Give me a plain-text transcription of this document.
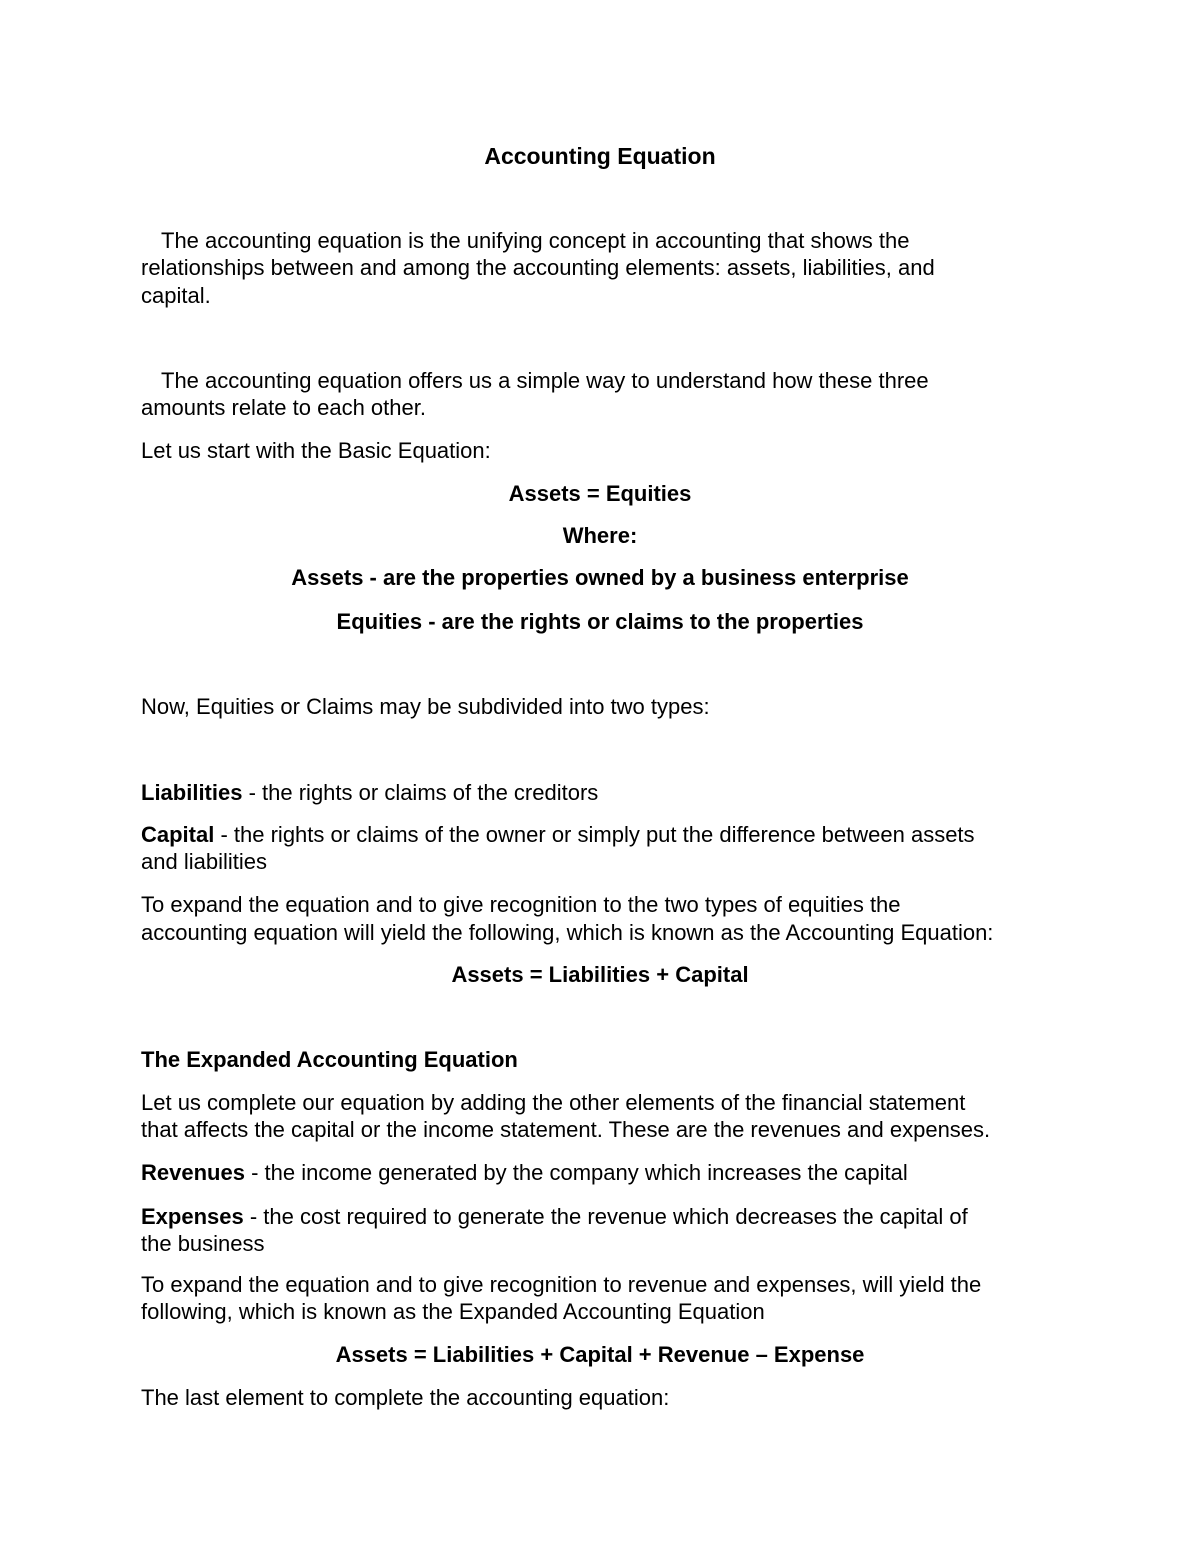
Accounting Equation

The accounting equation is the unifying concept in accounting that shows the

relationships between and among the accounting elements: assets, liabilities, and

capital.

The accounting equation offers us a simple way to understand how these three

amounts relate to each other.

Let us start with the Basic Equation:

Assets = Equities

Where:

Assets - are the properties owned by a business enterprise

Equities - are the rights or claims to the properties

Now, Equities or Claims may be subdivided into two types:

Liabilities - the rights or claims of the creditors

Capital - the rights or claims of the owner or simply put the difference between assets

and liabilities

To expand the equation and to give recognition to the two types of equities the

accounting equation will yield the following, which is known as the Accounting Equation:

Assets = Liabilities + Capital

The Expanded Accounting Equation

Let us complete our equation by adding the other elements of the financial statement

that affects the capital or the income statement. These are the revenues and expenses.

Revenues - the income generated by the company which increases the capital

Expenses - the cost required to generate the revenue which decreases the capital of

the business

To expand the equation and to give recognition to revenue and expenses, will yield the

following, which is known as the Expanded Accounting Equation

Assets = Liabilities + Capital + Revenue – Expense

The last element to complete the accounting equation:
